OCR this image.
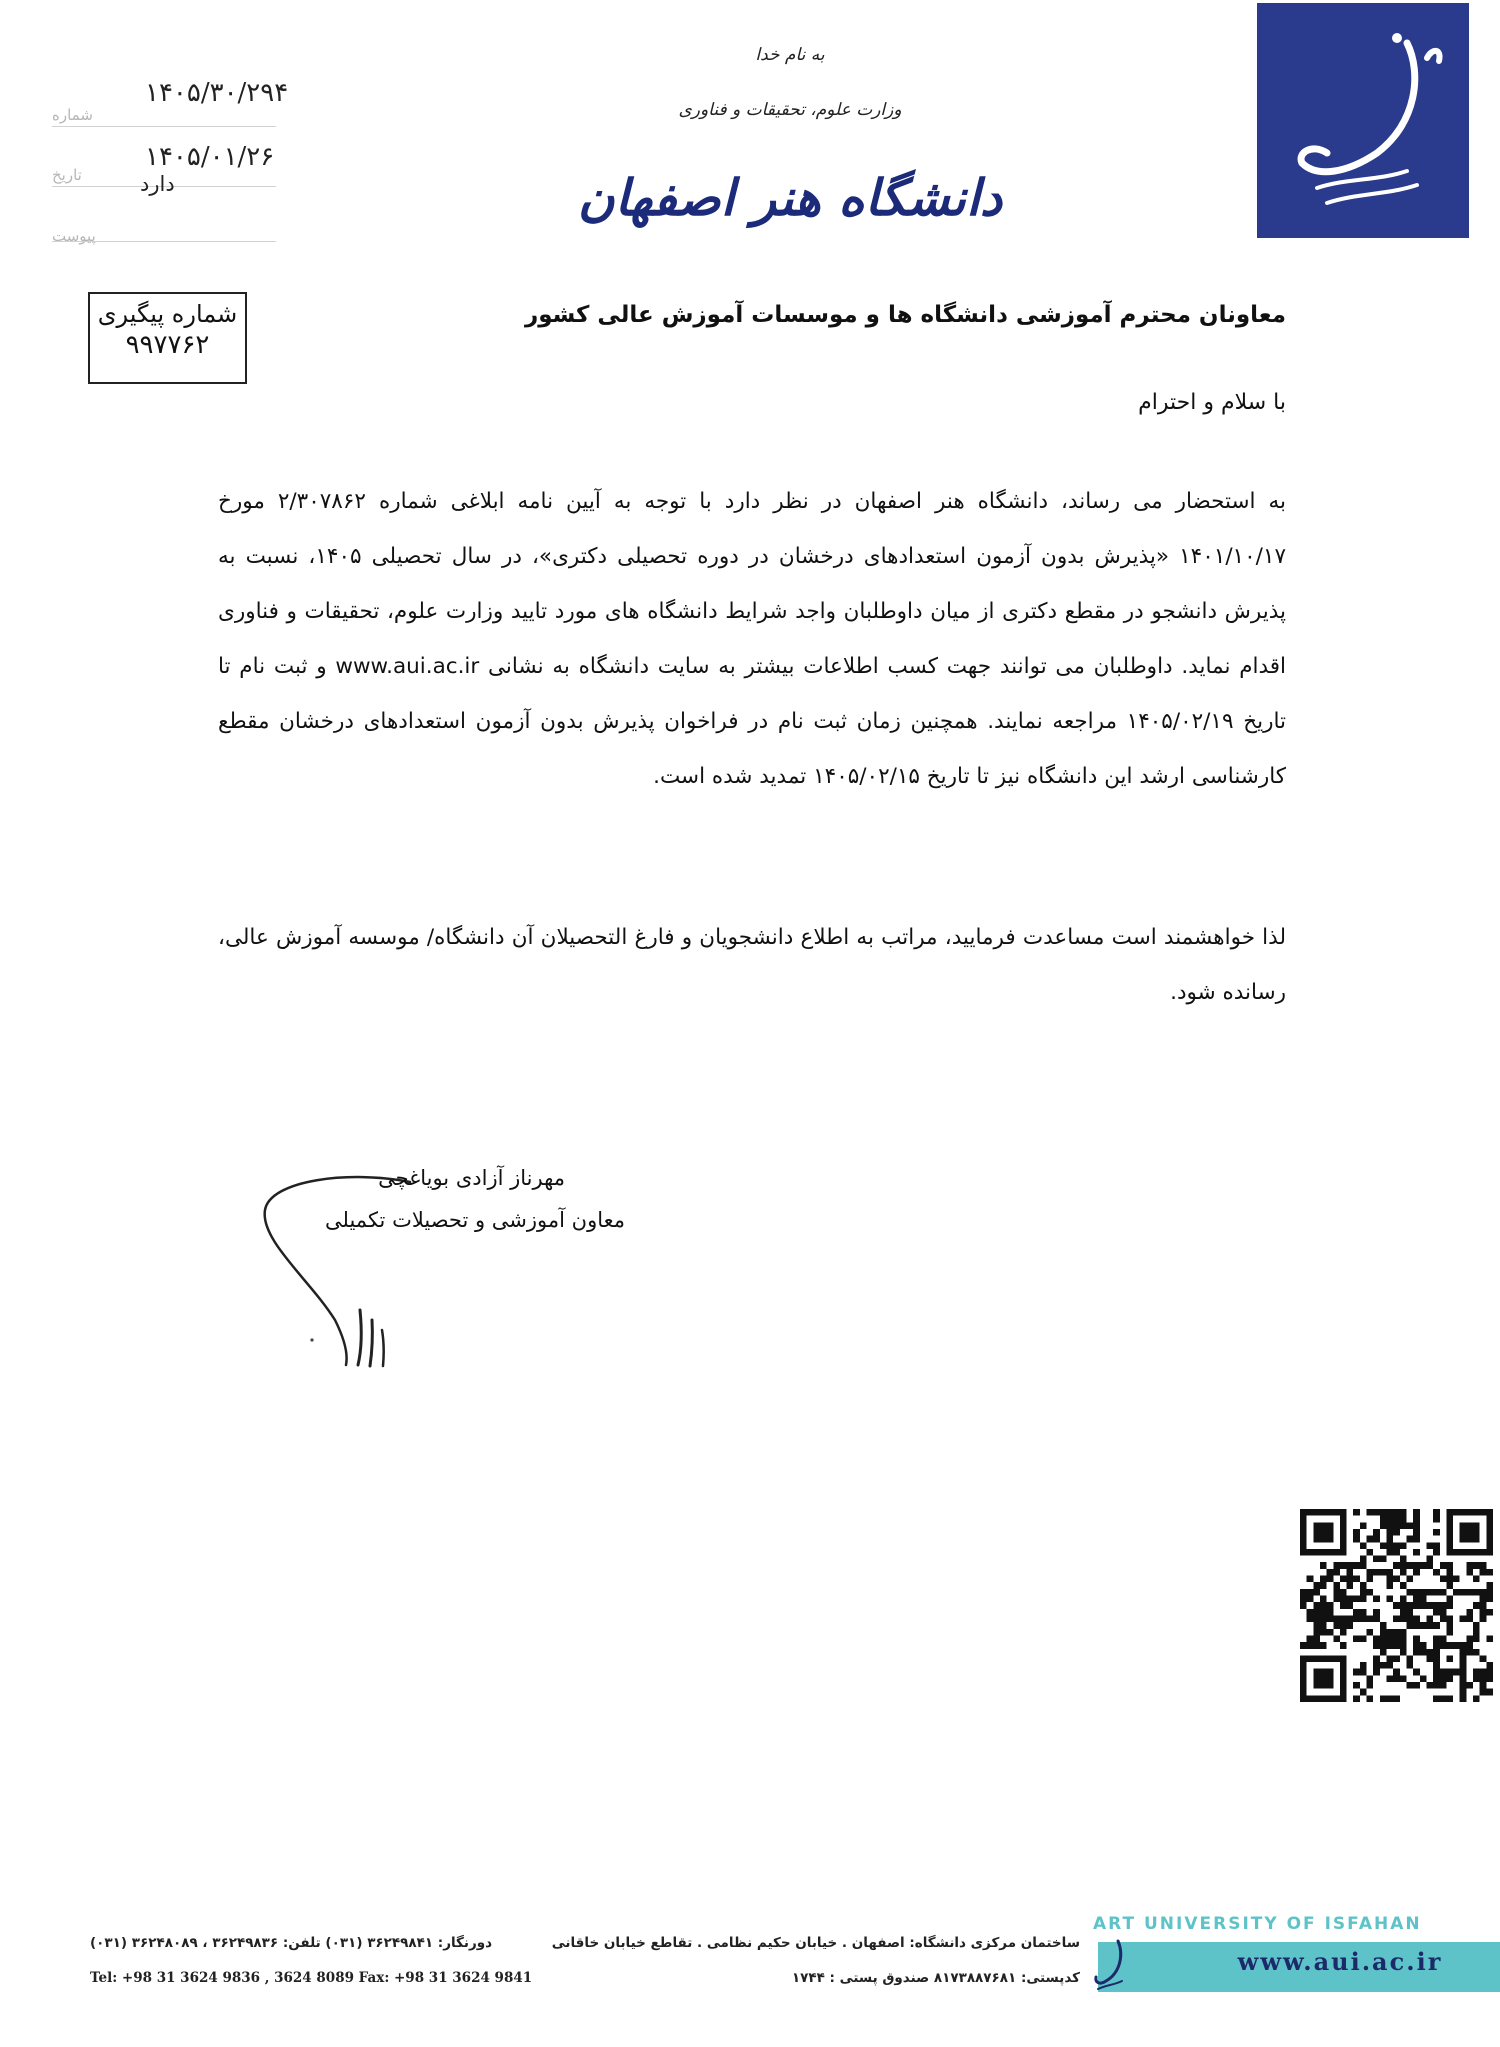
به نام خدا
وزارت علوم، تحقیقات و فناوری
دانشگاه هنر اصفهان
۱۴۰۵/۳۰/۲۹۴
شماره
۱۴۰۵/۰۱/۲۶
تاریخ	دارد
پیوست
شماره پیگیری
۹۹۷۷۶۲
معاونان محترم آموزشی دانشگاه ها و موسسات آموزش عالی کشور
با سلام و احترام
به استحضار می رساند، دانشگاه هنر اصفهان در نظر دارد با توجه به آیین نامه ابلاغی شماره ۲/۳۰۷۸۶۲ مورخ ۱۴۰۱/۱۰/۱۷ «پذیرش بدون آزمون استعدادهای درخشان در دوره تحصیلی دکتری»، در سال تحصیلی ۱۴۰۵، نسبت به پذیرش دانشجو در مقطع دکتری از میان داوطلبان واجد شرایط دانشگاه های مورد تایید وزارت علوم، تحقیقات و فناوری اقدام نماید. داوطلبان می توانند جهت کسب اطلاعات بیشتر به سایت دانشگاه به نشانی www.aui.ac.ir و ثبت نام تا تاریخ ۱۴۰۵/۰۲/۱۹ مراجعه نمایند. همچنین زمان ثبت نام در فراخوان پذیرش بدون آزمون استعدادهای درخشان مقطع کارشناسی ارشد این دانشگاه نیز تا تاریخ ۱۴۰۵/۰۲/۱۵ تمدید شده است.
لذا خواهشمند است مساعدت فرمایید، مراتب به اطلاع دانشجویان و فارغ التحصیلان آن دانشگاه/ موسسه آموزش عالی، رسانده شود.
مهرناز آزادی بویاغچی
معاون آموزشی و تحصیلات تکمیلی
ART UNIVERSITY OF ISFAHAN
www.aui.ac.ir
ساختمان مرکزی دانشگاه: اصفهان . خیابان حکیم نظامی . تقاطع خیابان خاقانی
کدپستی: ۸۱۷۳۸۸۷۶۸۱ صندوق پستی : ۱۷۴۴
دورنگار: ۳۶۲۴۹۸۴۱ (۰۳۱) تلفن: ۳۶۲۴۹۸۳۶ ، ۳۶۲۴۸۰۸۹ (۰۳۱)
Tel: +98 31 3624 9836 , 3624 8089 Fax: +98 31 3624 9841
